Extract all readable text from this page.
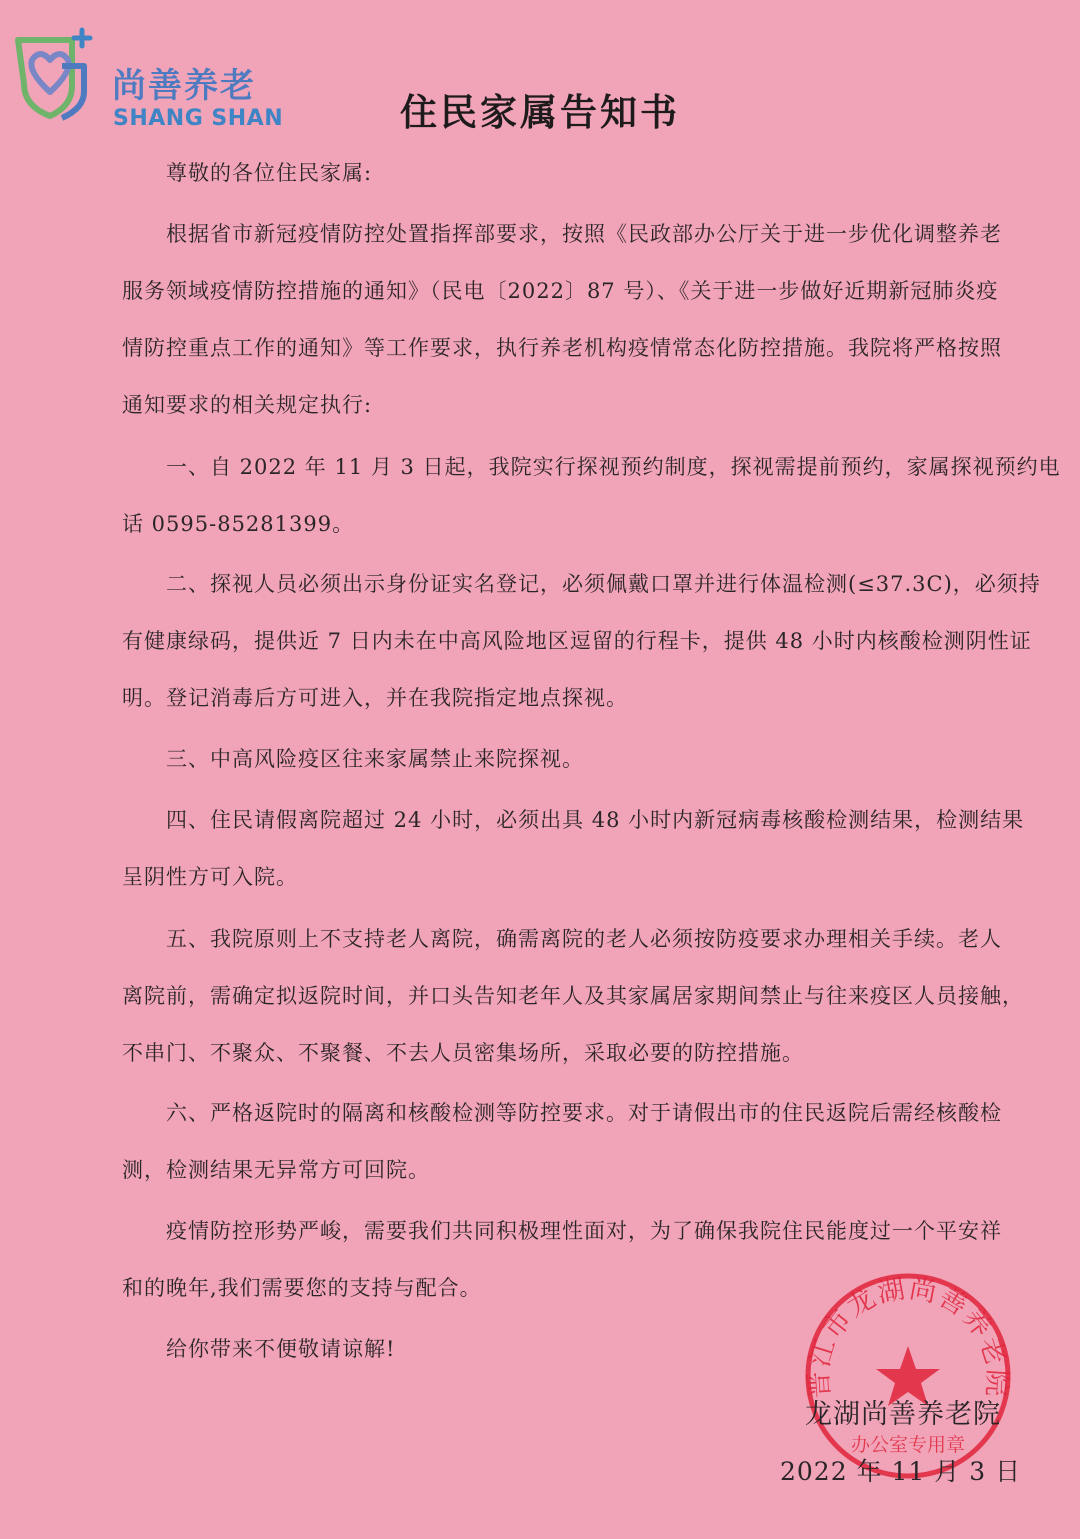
尚善养老
SHANG SHAN	住民家属告知书
尊敬的各位住民家属:
根据省市新冠疫情防控处置指挥部要求，按照《民政部办公厅关于进一步优化调整养老
服务领域疫情防控措施的通知》（民电〔2022〕87 号）、《关于进一步做好近期新冠肺炎疫
情防控重点工作的通知》等工作要求，执行养老机构疫情常态化防控措施。我院将严格按照
通知要求的相关规定执行:
一、自 2022 年 11 月 3 日起，我院实行探视预约制度，探视需提前预约，家属探视预约电
话 0595-85281399。
二、探视人员必须出示身份证实名登记，必须佩戴口罩并进行体温检测(≤37.3C)，必须持
有健康绿码，提供近 7 日内未在中高风险地区逗留的行程卡，提供 48 小时内核酸检测阴性证
明。登记消毒后方可进入，并在我院指定地点探视。
三、中高风险疫区往来家属禁止来院探视。
四、住民请假离院超过 24 小时，必须出具 48 小时内新冠病毒核酸检测结果，检测结果
呈阴性方可入院。
五、我院原则上不支持老人离院，确需离院的老人必须按防疫要求办理相关手续。老人
离院前，需确定拟返院时间，并口头告知老年人及其家属居家期间禁止与往来疫区人员接触，
不串门、不聚众、不聚餐、不去人员密集场所，采取必要的防控措施。
六、严格返院时的隔离和核酸检测等防控要求。对于请假出市的住民返院后需经核酸检
测，检测结果无异常方可回院。
疫情防控形势严峻，需要我们共同积极理性面对，为了确保我院住民能度过一个平安祥
和的晚年,我们需要您的支持与配合。
给你带来不便敬请谅解!
晋江市龙湖尚善养老院
办公室专用章
龙湖尚善养老院
2022 年 11 月 3 日
